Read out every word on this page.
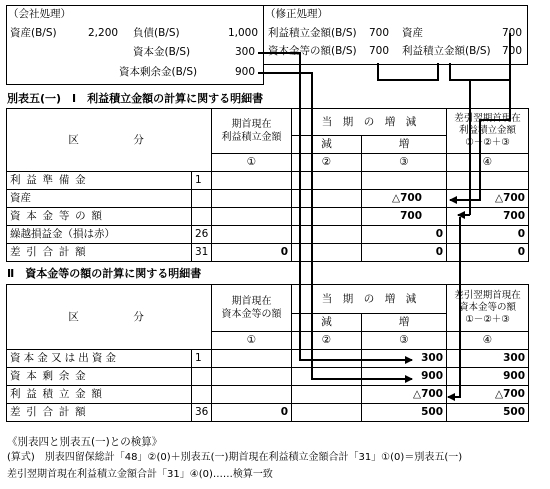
（会社処理）
資産(B/S)	2,200 負債(B/S)	1,000
資本金(B/S)	300
資本剰余金(B/S)	900
（修正処理）
利益積立金額(B/S) 700 資産	700
資本金等の額(B/S) 700 利益積立金額(B/S)	700
別表五(一)　Ⅰ　利益積立金額の計算に関する明細書
区　　　分		期首現在
利益積立金額	当　期　の　増　減		差引翌期首現在
利益積立金額
①－②＋③
			減	増	
		①	②	③	④
利益準備金	1				
資産				△700	△700
資本金等の額				700	700
繰越損益金（損は赤）	26			0	0
差引合計額	31	0		0	0
Ⅱ　資本金等の額の計算に関する明細書
区　　　分		期首現在
資本金等の額	当　期　の　増　減		差引翌期首現在
資本金等の額
①－②＋③
			減	増	
		①	②	③	④
資本金又は出資金	1			300	300
資本剰余金				900	900
利益積立金額				△700	△700
差引合計額	36	0		500	500
《別表四と別表五(一)との検算》
(算式)　別表四留保総計「48」②(0)＋別表五(一)期首現在利益積立金額合計「31」①(0)＝別表五(一)
差引翌期首現在利益積立金額合計「31」④(0)……検算一致
